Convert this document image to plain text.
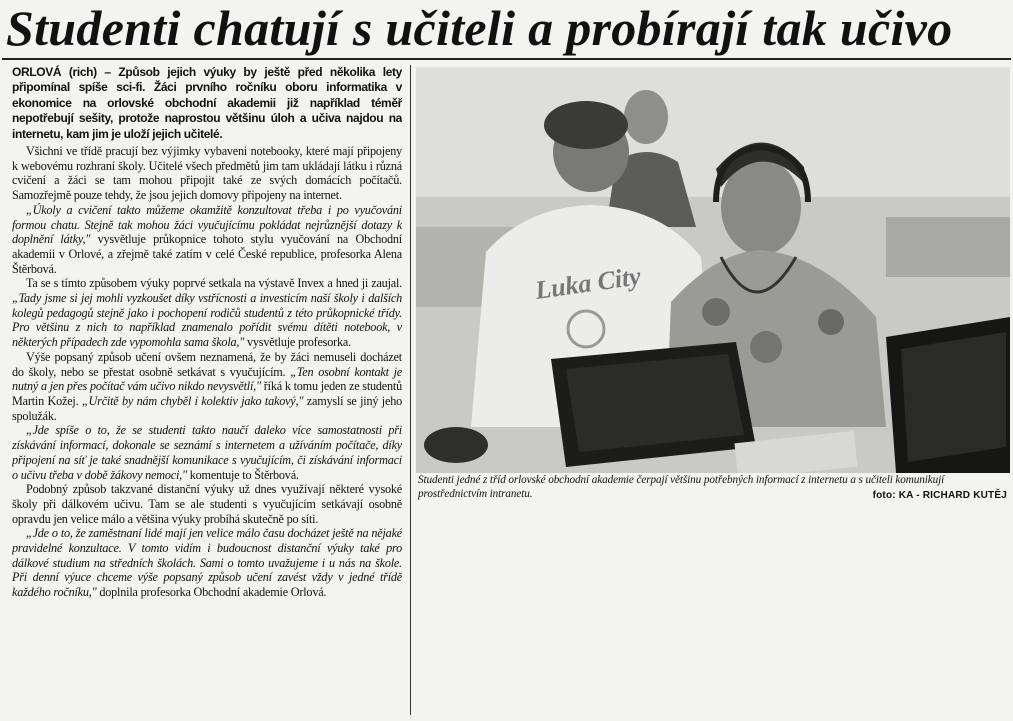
Studenti chatují s učiteli a probírají tak učivo

ORLOVÁ (rich) – Způsob jejich výuky by ještě před několika lety připomínal spíše sci-fi. Žáci prvního ročníku oboru informatika v ekonomice na orlovské obchodní akademii již například téměř nepotřebují sešity, protože naprostou většinu úloh a učiva najdou na internetu, kam jim je uloží jejich učitelé.

Všichni ve třídě pracují bez výjimky vybaveni notebooky, které mají připojeny k webovému rozhraní školy. Učitelé všech předmětů jim tam ukládají látku i různá cvičení a žáci se tam mohou připojit také ze svých domácích počítačů. Samozřejmě pouze tehdy, že jsou jejich domovy připojeny na internet.

„Úkoly a cvičení takto můžeme okamžitě konzultovat třeba i po vyučování formou chatu. Stejně tak mohou žáci vyučujícímu pokládat nejrůznější dotazy k doplnění látky," vysvětluje průkopnice tohoto stylu vyučování na Obchodní akademii v Orlové, a zřejmě také zatím v celé České republice, profesorka Alena Štěrbová.

Ta se s tímto způsobem výuky poprvé setkala na výstavě Invex a hned ji zaujal. „Tady jsme si jej mohli vyzkoušet díky vstřícnosti a investicím naší školy i dalších kolegů pedagogů stejně jako i pochopení rodičů studentů z této průkopnické třídy. Pro většinu z nich to například znamenalo pořídit svému dítěti notebook, v některých případech zde vypomohla sama škola," vysvětluje profesorka.

Výše popsaný způsob učení ovšem neznamená, že by žáci nemuseli docházet do školy, nebo se přestat osobně setkávat s vyučujícím. „Ten osobní kontakt je nutný a jen přes počítač vám učivo nikdo nevysvětlí," říká k tomu jeden ze studentů Martin Kožej. „Určitě by nám chyběl i kolektiv jako takový," zamyslí se jiný jeho spolužák.

„Jde spíše o to, že se studenti takto naučí daleko více samostatnosti při získávání informací, dokonale se seznámí s internetem a užíváním počítače, díky připojení na síť je také snadnější komunikace s vyučujícím, či získávání informací o učivu třeba v době žákovy nemoci," komentuje to Štěrbová.

Podobný způsob takzvané distanční výuky už dnes využívají některé vysoké školy při dálkovém učivu. Tam se ale studenti s vyučujícím setkávají osobně opravdu jen velice málo a většina výuky probíhá skutečně po síti.

„Jde o to, že zaměstnaní lidé mají jen velice málo času docházet ještě na nějaké pravidelné konzultace. V tomto vidím i budoucnost distanční výuky také pro dálkové studium na středních školách. Sami o tomto uvažujeme i u nás na škole. Při denní výuce chceme výše popsaný způsob učení zavést vždy v jedné třídě každého ročníku," doplnila profesorka Obchodní akademie Orlová.

Luka City
Studenti jedné z tříd orlovské obchodní akademie čerpají většinu potřebných informací z internetu a s učiteli komunikují prostřednictvím intranetu.	foto: KA - RICHARD KUTĚJ
